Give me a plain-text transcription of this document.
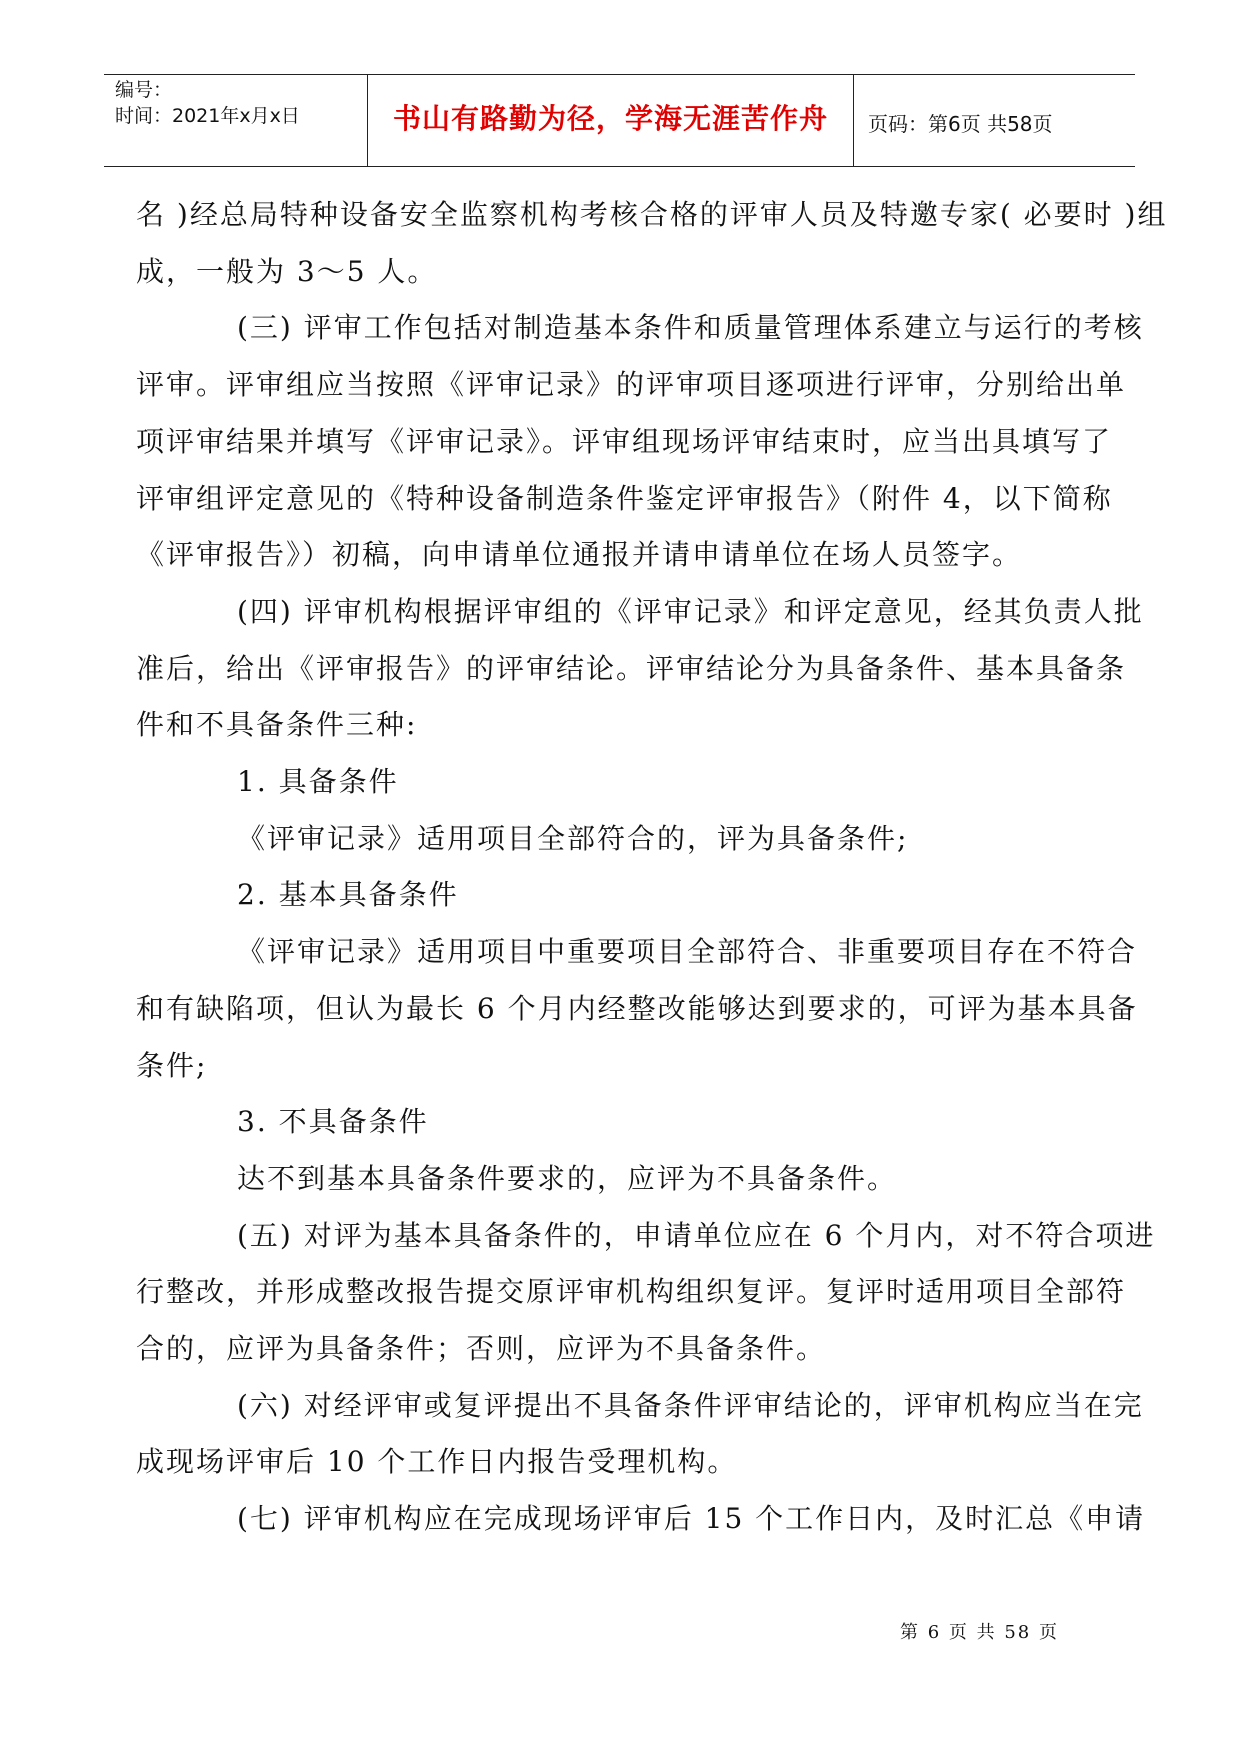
编号：
时间：2021年x月x日	书山有路勤为径，学海无涯苦作舟	页码：第6页 共58页

名 )经总局特种设备安全监察机构考核合格的评审人员及特邀专家( 必要时 )组

成，一般为 3～5 人。

(三) 评审工作包括对制造基本条件和质量管理体系建立与运行的考核

评审。评审组应当按照《评审记录》的评审项目逐项进行评审，分别给出单

项评审结果并填写《评审记录》。评审组现场评审结束时，应当出具填写了

评审组评定意见的《特种设备制造条件鉴定评审报告》（附件 4，以下简称

《评审报告》）初稿，向申请单位通报并请申请单位在场人员签字。

(四) 评审机构根据评审组的《评审记录》和评定意见，经其负责人批

准后，给出《评审报告》的评审结论。评审结论分为具备条件、基本具备条

件和不具备条件三种:

1. 具备条件

《评审记录》适用项目全部符合的，评为具备条件;

2. 基本具备条件

《评审记录》适用项目中重要项目全部符合、非重要项目存在不符合

和有缺陷项，但认为最长 6 个月内经整改能够达到要求的，可评为基本具备

条件;

3. 不具备条件

达不到基本具备条件要求的，应评为不具备条件。

(五) 对评为基本具备条件的，申请单位应在 6 个月内，对不符合项进

行整改，并形成整改报告提交原评审机构组织复评。复评时适用项目全部符

合的，应评为具备条件；否则，应评为不具备条件。

(六) 对经评审或复评提出不具备条件评审结论的，评审机构应当在完

成现场评审后 10 个工作日内报告受理机构。

(七) 评审机构应在完成现场评审后 15 个工作日内，及时汇总《申请

第 6 页 共 58 页
